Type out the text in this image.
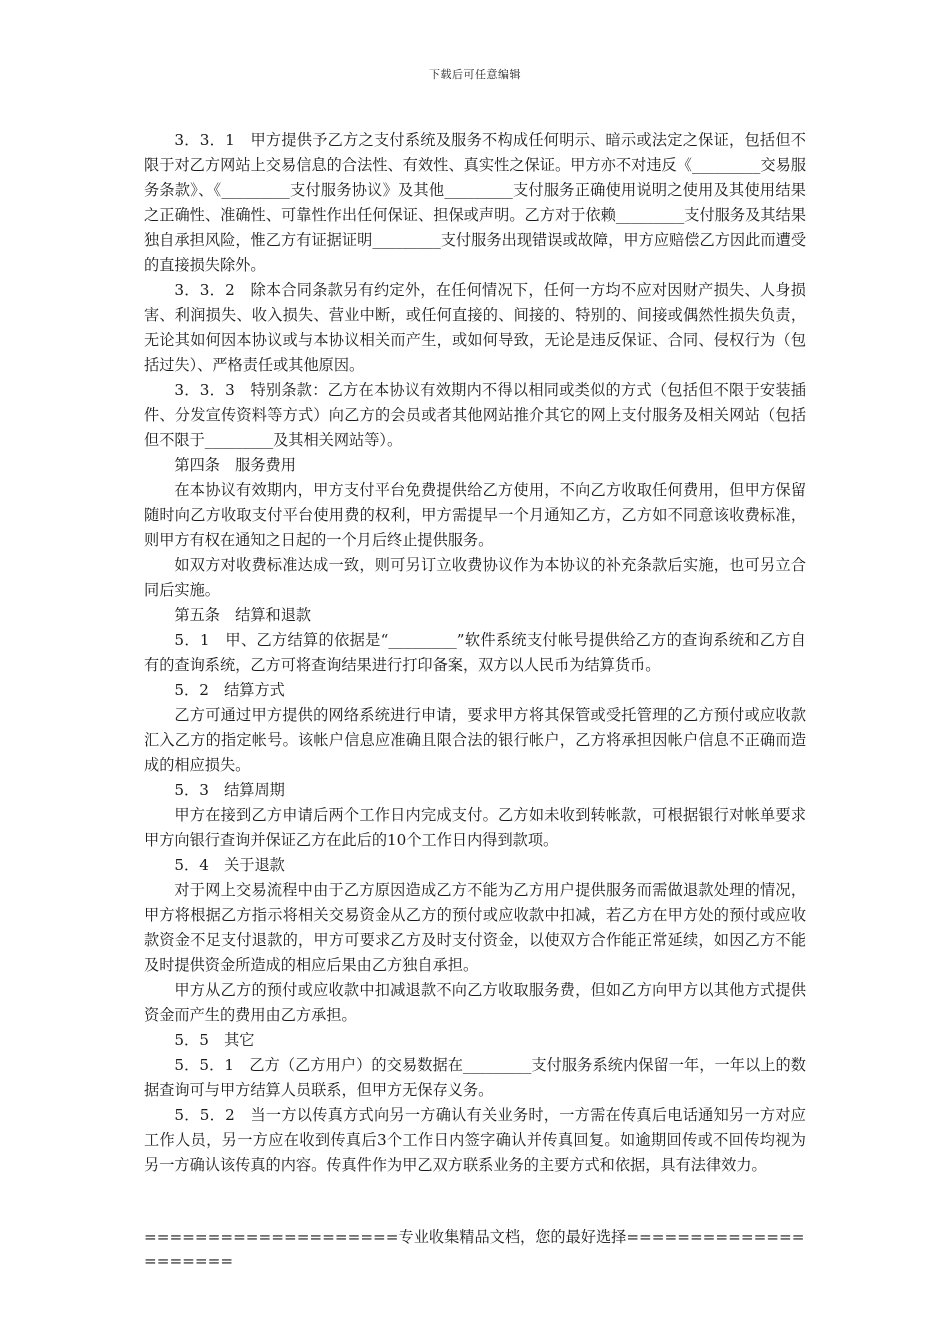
下载后可任意编辑

3．3．1　甲方提供予乙方之支付系统及服务不构成任何明示、暗示或法定之保证，包括但不限于对乙方网站上交易信息的合法性、有效性、真实性之保证。甲方亦不对违反《_________交易服务条款》、《_________支付服务协议》及其他_________支付服务正确使用说明之使用及其使用结果之正确性、准确性、可靠性作出任何保证、担保或声明。乙方对于依赖_________支付服务及其结果独自承担风险，惟乙方有证据证明_________支付服务出现错误或故障，甲方应赔偿乙方因此而遭受的直接损失除外。

3．3．2　除本合同条款另有约定外，在任何情况下，任何一方均不应对因财产损失、人身损害、利润损失、收入损失、营业中断，或任何直接的、间接的、特别的、间接或偶然性损失负责，无论其如何因本协议或与本协议相关而产生，或如何导致，无论是违反保证、合同、侵权行为（包括过失）、严格责任或其他原因。

3．3．3　特别条款：乙方在本协议有效期内不得以相同或类似的方式（包括但不限于安装插件、分发宣传资料等方式）向乙方的会员或者其他网站推介其它的网上支付服务及相关网站（包括但不限于_________及其相关网站等）。

第四条　服务费用

在本协议有效期内，甲方支付平台免费提供给乙方使用，不向乙方收取任何费用，但甲方保留随时向乙方收取支付平台使用费的权利，甲方需提早一个月通知乙方，乙方如不同意该收费标准，则甲方有权在通知之日起的一个月后终止提供服务。

如双方对收费标准达成一致，则可另订立收费协议作为本协议的补充条款后实施，也可另立合同后实施。

第五条　结算和退款

5．1　甲、乙方结算的依据是“_________”软件系统支付帐号提供给乙方的查询系统和乙方自有的查询系统，乙方可将查询结果进行打印备案，双方以人民币为结算货币。

5．2　结算方式

乙方可通过甲方提供的网络系统进行申请，要求甲方将其保管或受托管理的乙方预付或应收款汇入乙方的指定帐号。该帐户信息应准确且限合法的银行帐户，乙方将承担因帐户信息不正确而造成的相应损失。

5．3　结算周期

甲方在接到乙方申请后两个工作日内完成支付。乙方如未收到转帐款，可根据银行对帐单要求甲方向银行查询并保证乙方在此后的10个工作日内得到款项。

5．4　关于退款

对于网上交易流程中由于乙方原因造成乙方不能为乙方用户提供服务而需做退款处理的情况，甲方将根据乙方指示将相关交易资金从乙方的预付或应收款中扣减，若乙方在甲方处的预付或应收款资金不足支付退款的，甲方可要求乙方及时支付资金，以使双方合作能正常延续，如因乙方不能及时提供资金所造成的相应后果由乙方独自承担。

甲方从乙方的预付或应收款中扣减退款不向乙方收取服务费，但如乙方向甲方以其他方式提供资金而产生的费用由乙方承担。

5．5　其它

5．5．1　乙方（乙方用户）的交易数据在_________支付服务系统内保留一年，一年以上的数据查询可与甲方结算人员联系，但甲方无保存义务。

5．5．2　当一方以传真方式向另一方确认有关业务时，一方需在传真后电话通知另一方对应工作人员，另一方应在收到传真后3个工作日内签字确认并传真回复。如逾期回传或不回传均视为另一方确认该传真的内容。传真件作为甲乙双方联系业务的主要方式和依据，具有法律效力。

====================专业收集精品文档，您的最好选择=====================
